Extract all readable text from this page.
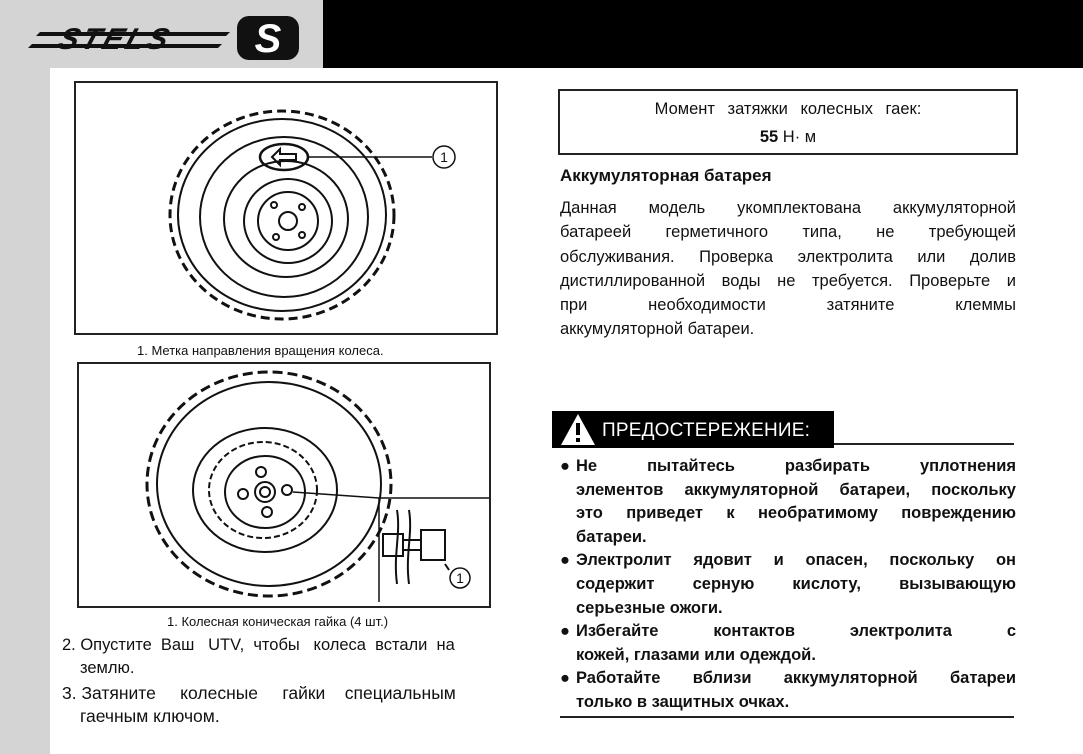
STELS S
1
1. Метка направления вращения колеса.
1
1. Колесная коническая гайка (4 шт.)
2. Опустите  Ваш   UTV,  чтобы   колеса  встали  на
землю.
3. Затяните     колесные     гайки    специальным
гаечным ключом.
Момент затяжки колесных гаек:
55 Н· м
Аккумуляторная батарея
Данная модель укомплектована аккумуляторной
батареей герметичного типа, не требующей
обслуживания. Проверка электролита или долив
дистиллированной воды не требуется. Проверьте и
при необходимости затяните клеммы
аккумуляторной батареи.
ПРЕДОСТЕРЕЖЕНИЕ:
● Не пытайтесь разбирать уплотнения
элементов аккумуляторной батареи, поскольку
это приведет к необратимому повреждению
батареи.
● Электролит ядовит и опасен, поскольку он
содержит серную кислоту, вызывающую
серьезные ожоги.
● Избегайте контактов электролита с
кожей, глазами или одеждой.
● Работайте вблизи аккумуляторной батареи
только в защитных очках.
